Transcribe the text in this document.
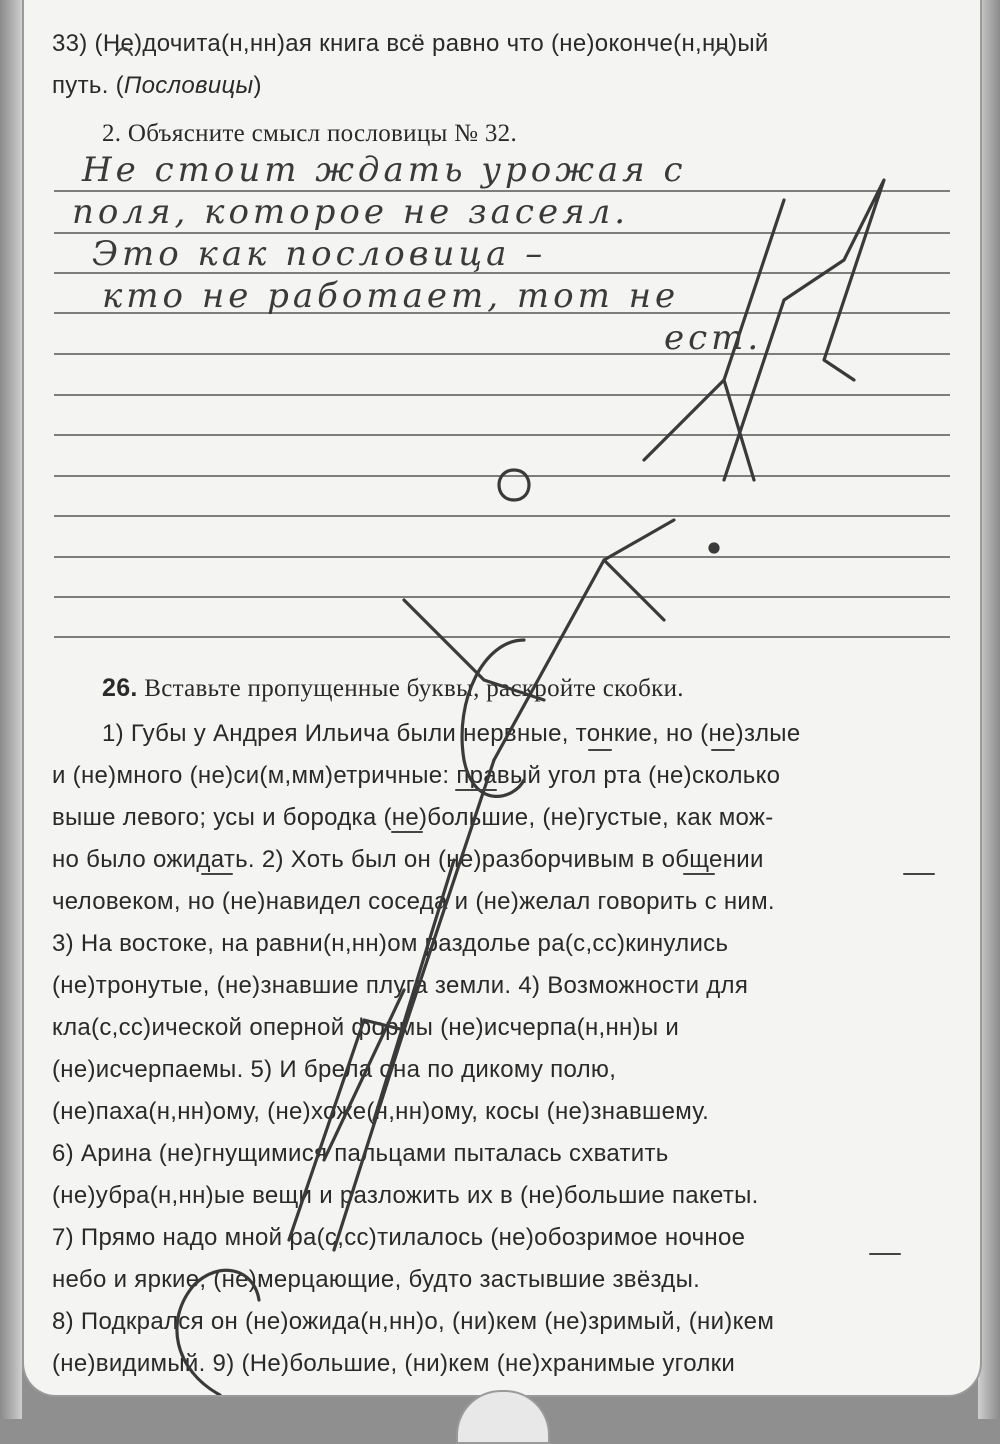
33) (Не)дочита(н,нн)ая книга всё равно что (не)оконче(н,нн)ый
путь. (Пословицы)
2. Объясните смысл пословицы № 32.
Не стоит ждать урожая с
поля, которое не засеял.
Это как пословица –
кто не работает, тот не
ест.
26. Вставьте пропущенные буквы, раскройте скобки.
1) Губы у Андрея Ильича были нервные, тонкие, но (не)злые
и (не)много (не)си(м,мм)етричные: правый угол рта (не)сколько
выше левого; усы и бородка (не)большие, (не)густые, как мож-
но было ожидать. 2) Хоть был он (не)разборчивым в общении
человеком, но (не)навидел соседа и (не)желал говорить с ним.
3) На востоке, на равни(н,нн)ом раздолье ра(с,сс)кинулись
(не)тронутые, (не)знавшие плуга земли. 4) Возможности для
кла(с,сс)ической оперной формы (не)исчерпа(н,нн)ы и
(не)исчерпаемы. 5) И брела она по дикому полю,
(не)паха(н,нн)ому, (не)хоже(н,нн)ому, косы (не)знавшему.
6) Арина (не)гнущимися пальцами пыталась схватить
(не)убра(н,нн)ые вещи и разложить их в (не)большие пакеты.
7) Прямо надо мной ра(с,сс)тилалось (не)обозримое ночное
небо и яркие, (не)мерцающие, будто застывшие звёзды.
8) Подкрался он (не)ожида(н,нн)о, (ни)кем (не)зримый, (ни)кем
(не)видимый. 9) (Не)большие, (ни)кем (не)хранимые уголки
